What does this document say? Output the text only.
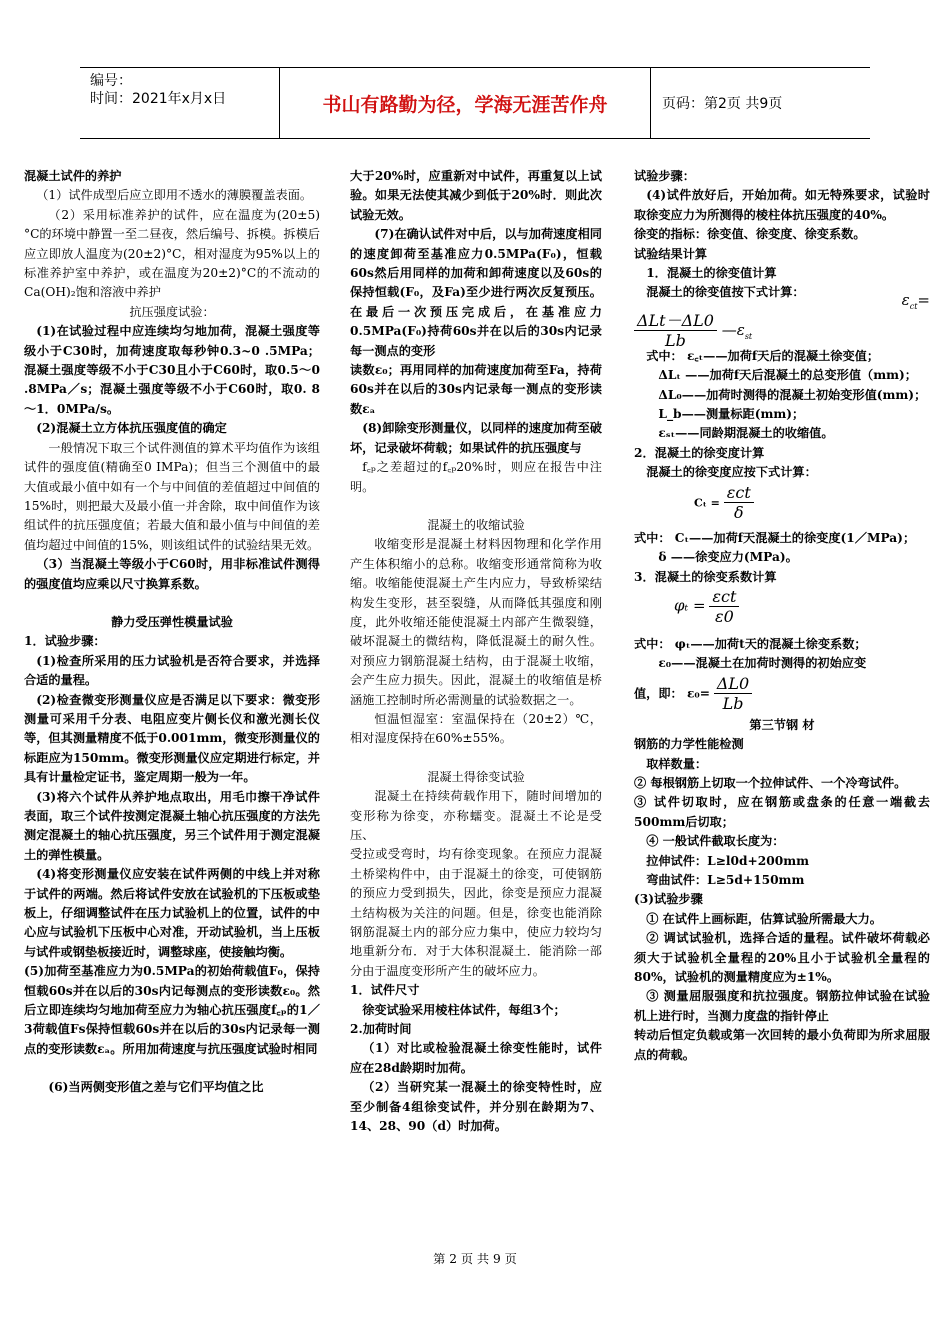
编号：
时间：2021年x月x日	书山有路勤为径，学海无涯苦作舟	页码：第2页 共9页

混凝土试件的养护

（1）试件成型后应立即用不透水的薄膜覆盖表面。

（2）采用标准养护的试件，应在温度为(20±5)°C的环境中静置一至二昼夜，然后编号、拆模。拆模后应立即放人温度为(20±2)°C，相对湿度为95%以上的标准养护室中养护，或在温度为20±2)°C的不流动的Ca(OH)₂饱和溶液中养护

抗压强度试验：

(1)在试验过程中应连续均匀地加荷，混凝土强度等级小于C30时，加荷速度取每秒钟0.3~0 .5MPa；混凝土强度等级不小于C30且小于C60时，取0.5～0 .8MPa／s；混凝土强度等级不小于C60时，取0. 8～1．0MPa/s。

(2)混凝土立方体抗压强度值的确定

一般情况下取三个试件测值的算术平均值作为该组试件的强度值(精确至0 IMPa)；但当三个测值中的最大值或最小值中如有一个与中间值的差值超过中间值的15%时，则把最大及最小值一并舍除，取中间值作为该组试件的抗压强度值；若最大值和最小值与中间值的差值均超过中间值的15%，则该组试件的试验结果无效。

（3）当混凝土等级小于C60时，用非标准试件测得的强度值均应乘以尺寸换算系数。

静力受压弹性模量试验

1．试验步骤：

(1)检查所采用的压力试验机是否符合要求，并选择合适的量程。

(2)检查微变形测量仪应是否满足以下要求：微变形测量可采用千分表、电阻应变片侧长仪和激光测长仪等，但其测量精度不低于0.001mm，微变形测量仪的标距应为150mm。微变形测量仪应定期进行标定，并具有计量检定证书，鉴定周期一般为一年。

(3)将六个试件从养护地点取出，用毛巾擦干净试件表面，取三个试件按测定混凝土轴心抗压强度的方法先测定混凝土的轴心抗压强度，另三个试件用于测定混凝土的弹性模量。

(4)将变形测量仪应安装在试件两侧的中线上并对称于试件的两端。然后将试件安放在试验机的下压板或垫板上，仔细调整试件在压力试验机上的位置，试件的中心应与试验机下压板中心对准，开动试验机，当上压板与试件或钢垫板接近时，调整球座，使接触均衡。

(5)加荷至基准应力为0.5MPa的初始荷载值F₀，保持恒载60s并在以后的30s内记每测点的变形读数ε₀。然后立即连续均匀地加荷至应力为轴心抗压强度f꜀ₚ的1／3荷载值Fs保持恒载60s并在以后的30s内记录每一测点的变形读数εₐ。所用加荷速度与抗压强度试验时相同

(6)当两侧变形值之差与它们平均值之比

大于20%时，应重新对中试件，再重复以上试验。如果无法使其减少到低于20%时．则此次试验无效。

(7)在确认试件对中后，以与加荷速度相同的速度卸荷至基准应力0.5MPa(F₀)，恒载60s然后用同样的加荷和卸荷速度以及60s的保持恒载(F₀，及Fa)至少进行两次反复预压。在最后一次预压完成后，在基准应力0.5MPa(F₀)持荷60s并在以后的30s内记录每一测点的变形

读数ε₀；再用同样的加荷速度加荷至Fa，持荷60s并在以后的30s内记录每一测点的变形读数εₐ

(8)卸除变形测量仪，以同样的速度加荷至破坏，记录破坏荷载；如果试件的抗压强度与

f꜀ₚ之差超过的f꜀ₚ20%时，则应在报告中注明。

混凝土的收缩试验

收缩变形是混凝土材料因物理和化学作用产生体积缩小的总称。收缩变形通常简称为收缩。收缩能使混凝土产生内应力，导致桥梁结构发生变形，甚至裂缝，从而降低其强度和刚度，此外收缩还能使混凝土内部产生微裂缝，破坏混凝土的微结构，降低混凝土的耐久性。对预应力钢筋混凝土结构，由于混凝土收缩，会产生应力损失。因此，混凝土的收缩值是桥涵施工控制时所必需测量的试验数据之一。

恒温恒湿室：室温保持在（20±2）℃，相对湿度保持在60%±55%。

混凝土得徐变试验

混凝土在持续荷载作用下，随时间增加的变形称为徐变，亦称蠕变。混凝土不论是受压、

受拉或受弯时，均有徐变现象。在预应力混凝土桥梁构件中，由于混凝土的徐变，可使钢筋的预应力受到损失，因此，徐变是预应力混凝土结构极为关注的问题。但是，徐变也能消除钢筋混凝土内的部分应力集中，使应力较均匀地重新分布．对于大体积混凝土．能消除一部分由于温度变形所产生的破坏应力。

1．试件尺寸

徐变试验采用棱柱体试件，每组3个；

2.加荷时间

（1）对比或检验混凝土徐变性能时，试件应在28d龄期时加荷。

（2）当研究某一混凝土的徐变特性时，应至少制备4组徐变试件，并分别在龄期为7、14、28、90（d）时加荷。

试验步骤：

(4)试件放好后，开始加荷。如无特殊要求，试验时取徐变应力为所测得的棱柱体抗压强度的40%。

徐变的指标：徐变值、徐变度、徐变系数。

试验结果计算

1．混凝土的徐变值计算

混凝土的徐变值按下式计算：

$\frac{\text{ΔLt－ΔL0}}{Lb}$ $—\varepsilon_{st}$
$\varepsilon_{ct}=$

式中： ε꜀ₜ——加荷f天后的混凝土徐变值；

ΔLₜ ——加荷f天后混凝土的总变形值（mm)；

ΔL₀——加荷时测得的混凝土初始变形值(mm)；

L_b——测量标距(mm)；

εₛₜ——同龄期混凝土的收缩值。

2．混凝土的徐变度计算

混凝土的徐变度应按下式计算：

$C_t = \frac{\text{εct}}{\delta}$

式中： Cₜ——加荷f天混凝土的徐变度(1／MPa)；

δ ——徐变应力(MPa)。

3．混凝土的徐变系数计算

$\varphi_t = \frac{\text{εct}}{\varepsilon 0}$

式中： φₜ——加荷t天的混凝土徐变系数；

ε₀——混凝土在加荷时测得的初始应变

值，即： $\varepsilon_0= \frac{\Delta L0}{Lb}$

第三节钢 材

钢筋的力学性能检测

取样数量：

② 每根钢筋上切取一个拉伸试件、一个冷弯试件。

③ 试件切取时，应在钢筋或盘条的任意一端截去500mm后切取；

④ 一般试件截取长度为：

拉伸试件：L≥l0d+200mm

弯曲试件：L≥5d+150mm

(3)试验步骤

① 在试件上画标距，估算试验所需最大力。

② 调试试验机，选择合适的量程。试件破坏荷载必须大于试验机全量程的20%且小于试验机全量程的80%，试验机的测量精度应为±1%。

③ 测量屈服强度和抗拉强度。钢筋拉伸试验在试验机上进行时，当测力度盘的指针停止

转动后恒定负载或第一次回转的最小负荷即为所求屈服点的荷载。

第 2 页 共 9 页
